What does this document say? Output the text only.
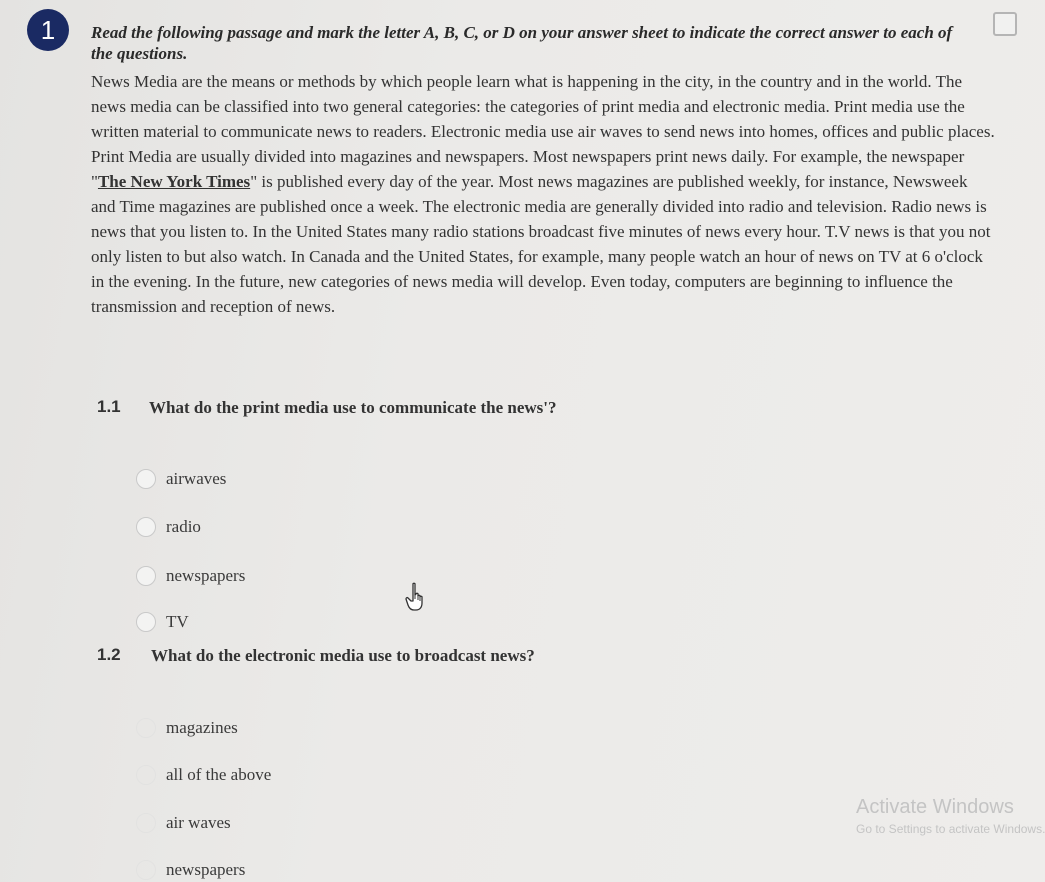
1	Read the following passage and mark the letter A, B, C, or D on your answer sheet to indicate the correct answer to each of the questions.

News Media are the means or methods by which people learn what is happening in the city, in the country and in the world. The news media can be classified into two general categories: the categories of print media and electronic media. Print media use the written material to communicate news to readers. Electronic media use air waves to send news into homes, offices and public places. Print Media are usually divided into magazines and newspapers. Most newspapers print news daily. For example, the newspaper "The New York Times" is published every day of the year. Most news magazines are published weekly, for instance, Newsweek and Time magazines are published once a week. The electronic media are generally divided into radio and television. Radio news is news that you listen to. In the United States many radio stations broadcast five minutes of news every hour. T.V news is that you not only listen to but also watch. In Canada and the United States, for example, many people watch an hour of news on TV at 6 o'clock in the evening. In the future, new categories of news media will develop. Even today, computers are beginning to influence the transmission and reception of news.

1.1 What do the print media use to communicate the news'?
airwaves
radio
newspapers
TV
1.2 What do the electronic media use to broadcast news?
magazines
all of the above
air waves
newspapers
Activate Windows
Go to Settings to activate Windows.
